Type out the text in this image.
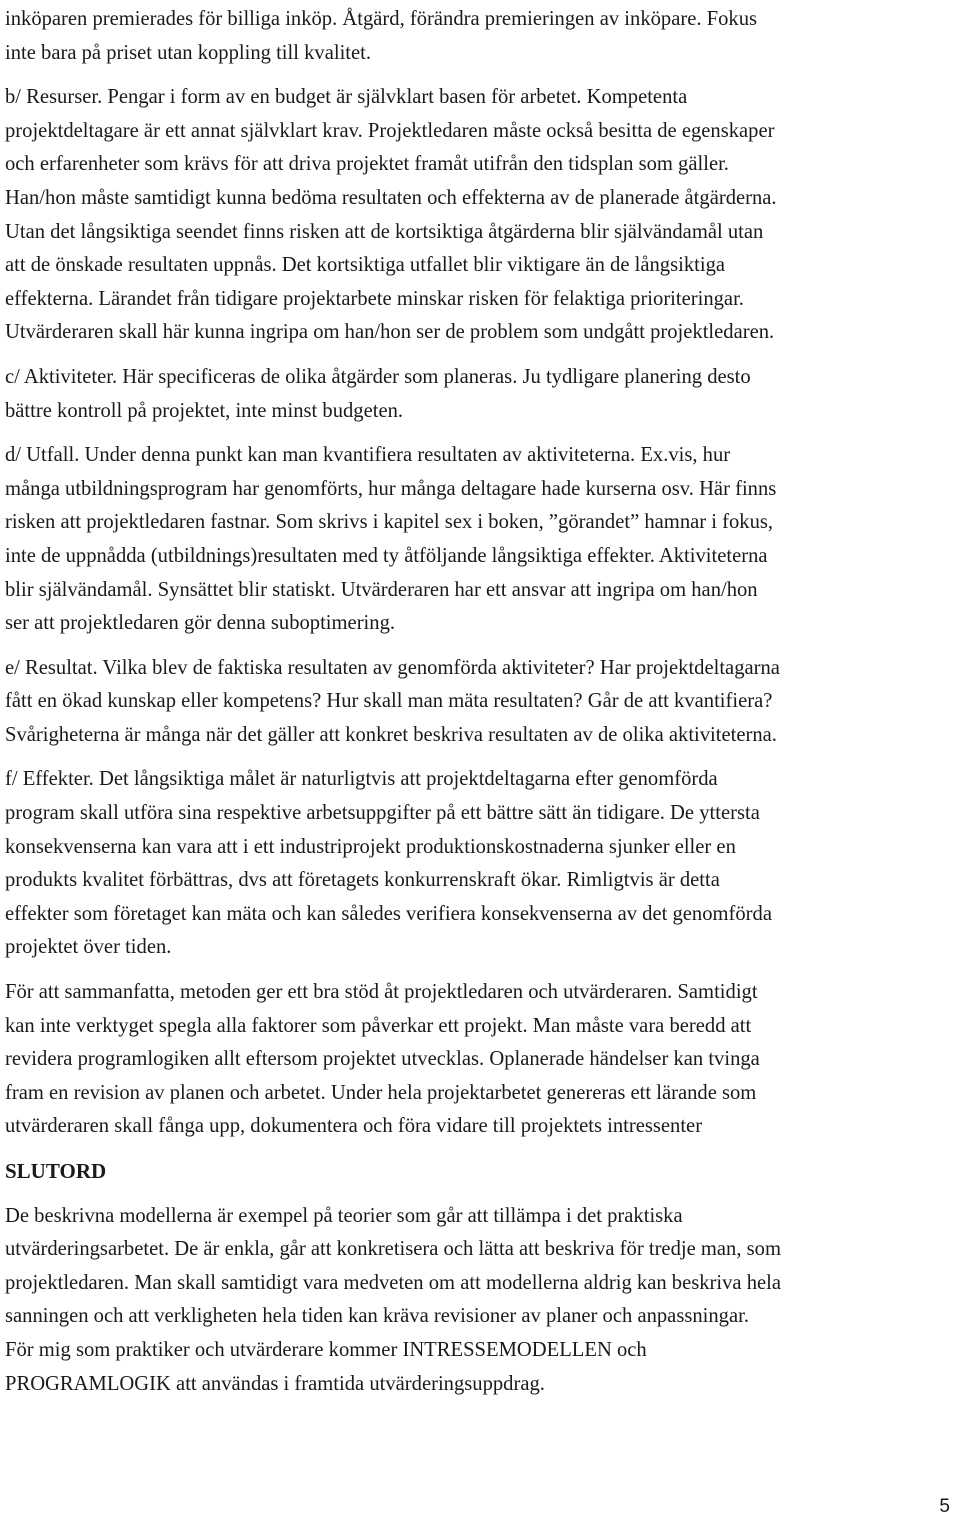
inköparen premierades för billiga inköp. Åtgärd, förändra premieringen av inköpare. Fokus
inte bara på priset utan koppling till kvalitet.

b/ Resurser. Pengar i form av en budget är självklart basen för arbetet. Kompetenta
projektdeltagare är ett annat självklart krav. Projektledaren måste också besitta de egenskaper
och erfarenheter som krävs för att driva projektet framåt utifrån den tidsplan som gäller.
Han/hon måste samtidigt kunna bedöma resultaten och effekterna av de planerade åtgärderna.
Utan det långsiktiga seendet finns risken att de kortsiktiga åtgärderna blir självändamål utan
att de önskade resultaten uppnås. Det kortsiktiga utfallet blir viktigare än de långsiktiga
effekterna. Lärandet från tidigare projektarbete minskar risken för felaktiga prioriteringar.
Utvärderaren skall här kunna ingripa om han/hon ser de problem som undgått projektledaren.

c/ Aktiviteter. Här specificeras de olika åtgärder som planeras. Ju tydligare planering desto
bättre kontroll på projektet, inte minst budgeten.

d/ Utfall. Under denna punkt kan man kvantifiera resultaten av aktiviteterna. Ex.vis, hur
många utbildningsprogram har genomförts, hur många deltagare hade kurserna osv. Här finns
risken att projektledaren fastnar. Som skrivs i kapitel sex i boken, ”görandet” hamnar i fokus,
inte de uppnådda (utbildnings)resultaten med ty åtföljande långsiktiga effekter. Aktiviteterna
blir självändamål. Synsättet blir statiskt. Utvärderaren har ett ansvar att ingripa om han/hon
ser att projektledaren gör denna suboptimering.

e/ Resultat. Vilka blev de faktiska resultaten av genomförda aktiviteter? Har projektdeltagarna
fått en ökad kunskap eller kompetens? Hur skall man mäta resultaten? Går de att kvantifiera?
Svårigheterna är många när det gäller att konkret beskriva resultaten av de olika aktiviteterna.

f/ Effekter. Det långsiktiga målet är naturligtvis att projektdeltagarna efter genomförda
program skall utföra sina respektive arbetsuppgifter på ett bättre sätt än tidigare. De yttersta
konsekvenserna kan vara att i ett industriprojekt produktionskostnaderna sjunker eller en
produkts kvalitet förbättras, dvs att företagets konkurrenskraft ökar. Rimligtvis är detta
effekter som företaget kan mäta och kan således verifiera konsekvenserna av det genomförda
projektet över tiden.

För att sammanfatta, metoden ger ett bra stöd åt projektledaren och utvärderaren. Samtidigt
kan inte verktyget spegla alla faktorer som påverkar ett projekt. Man måste vara beredd att
revidera programlogiken allt eftersom projektet utvecklas. Oplanerade händelser kan tvinga
fram en revision av planen och arbetet. Under hela projektarbetet genereras ett lärande som
utvärderaren skall fånga upp, dokumentera och föra vidare till projektets intressenter

SLUTORD

De beskrivna modellerna är exempel på teorier som går att tillämpa i det praktiska
utvärderingsarbetet. De är enkla, går att konkretisera och lätta att beskriva för tredje man, som
projektledaren. Man skall samtidigt vara medveten om att modellerna aldrig kan beskriva hela
sanningen och att verkligheten hela tiden kan kräva revisioner av planer och anpassningar.
För mig som praktiker och utvärderare kommer INTRESSEMODELLEN och
PROGRAMLOGIK att användas i framtida utvärderingsuppdrag.

5
